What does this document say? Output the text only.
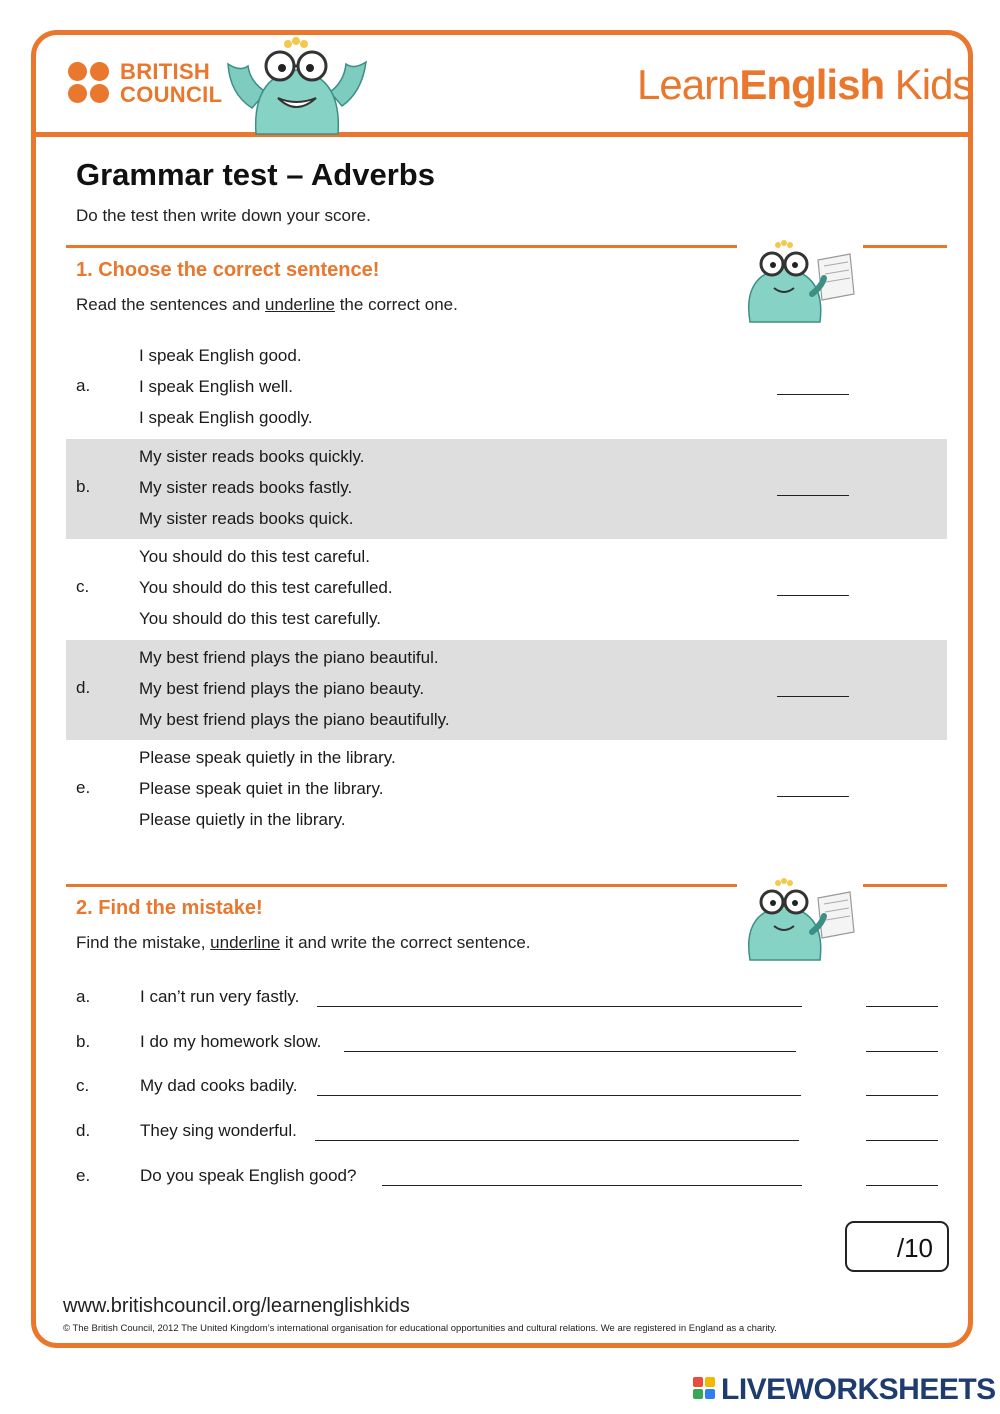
BRITISH
COUNCIL	LearnEnglish Kids
Grammar test – Adverbs
Do the test then write down your score.
1. Choose the correct sentence!
Read the sentences and underline the correct one.
a.
I speak English good.
I speak English well.
I speak English goodly.
b.
My sister reads books quickly.
My sister reads books fastly.
My sister reads books quick.
c.
You should do this test careful.
You should do this test carefulled.
You should do this test carefully.
d.
My best friend plays the piano beautiful.
My best friend plays the piano beauty.
My best friend plays the piano beautifully.
e.
Please speak quietly in the library.
Please speak quiet in the library.
Please quietly in the library.
2. Find the mistake!
Find the mistake, underline it and write the correct sentence.
a.	I can’t run very fastly.
b.	I do my homework slow.
c.	My dad cooks badily.
d.	They sing wonderful.
e.	Do you speak English good?
/10
www.britishcouncil.org/learnenglishkids
© The British Council, 2012 The United Kingdom’s international organisation for educational opportunities and cultural relations. We are registered in England as a charity.
LIVEWORKSHEETS
